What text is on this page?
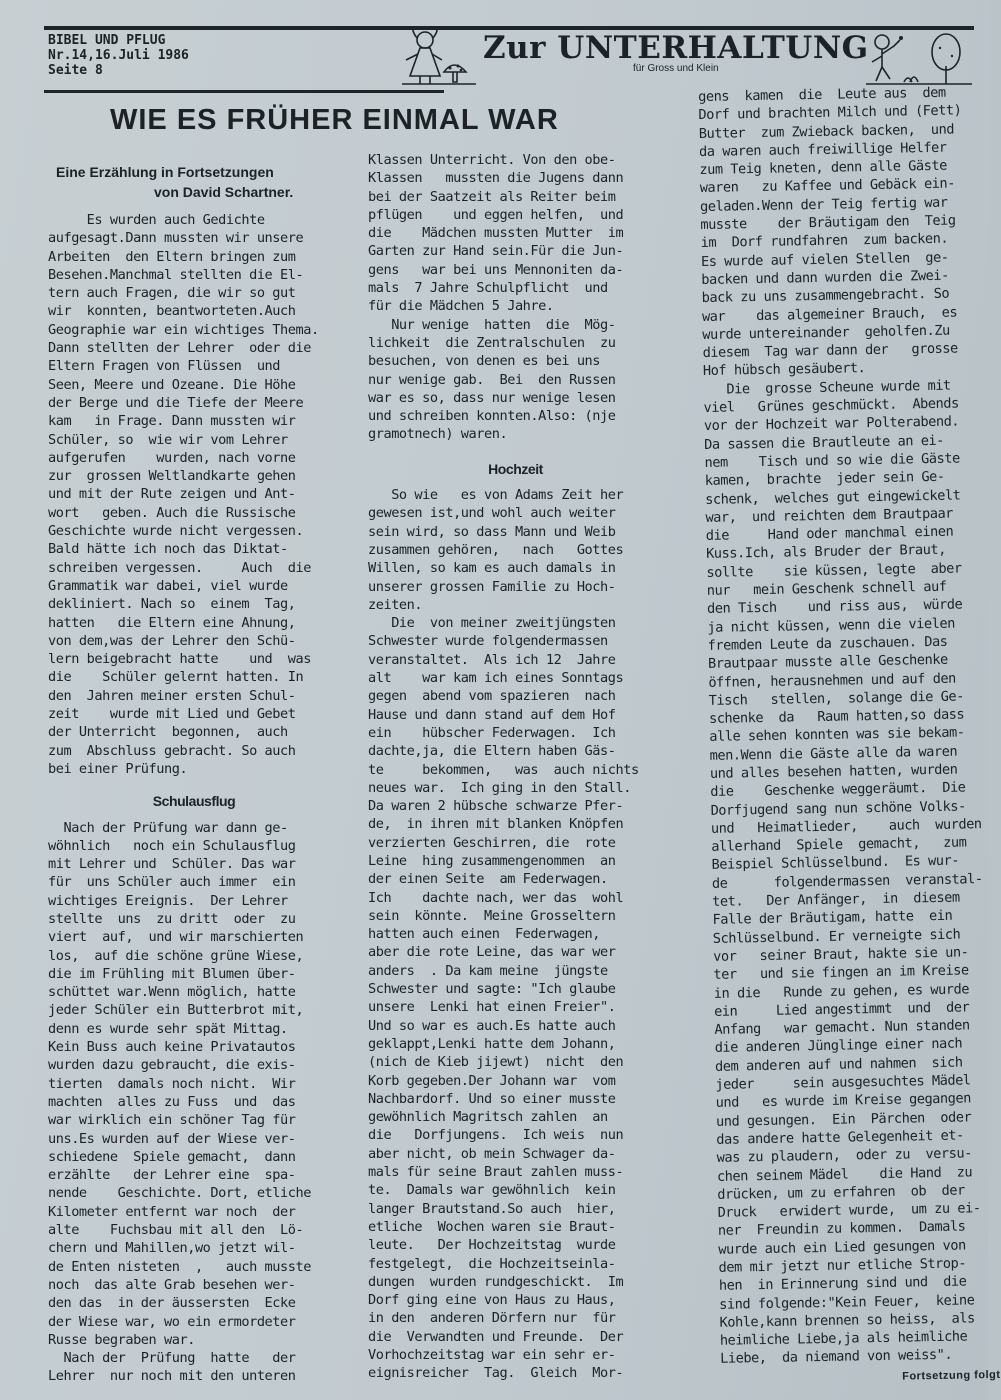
BIBEL UND PFLUG
Nr.14,16.Juli 1986
Seite 8
Zur UNTERHALTUNG
für Gross und Klein
WIE ES FRÜHER EINMAL WAR
Eine Erzählung in Fortsetzungen
von David Schartner.

Es wurden auch Gedichte
aufgesagt.Dann mussten wir unsere
Arbeiten  den Eltern bringen zum
Besehen.Manchmal stellten die El-
tern auch Fragen, die wir so gut
wir  konnten, beantworteten.Auch
Geographie war ein wichtiges Thema.
Dann stellten der Lehrer  oder die
Eltern Fragen von Flüssen  und
Seen, Meere und Ozeane. Die Höhe
der Berge und die Tiefe der Meere
kam   in Frage. Dann mussten wir
Schüler, so  wie wir vom Lehrer
aufgerufen    wurden, nach vorne
zur  grossen Weltlandkarte gehen
und mit der Rute zeigen und Ant-
wort   geben. Auch die Russische
Geschichte wurde nicht vergessen.
Bald hätte ich noch das Diktat-
schreiben vergessen.     Auch  die
Grammatik war dabei, viel wurde
dekliniert. Nach so  einem  Tag,
hatten   die Eltern eine Ahnung,
von dem,was der Lehrer den Schü-
lern beigebracht hatte    und  was
die    Schüler gelernt hatten. In
den  Jahren meiner ersten Schul-
zeit    wurde mit Lied und Gebet
der Unterricht  begonnen,  auch
zum  Abschluss gebracht. So auch
bei einer Prüfung.

Schulausflug

Nach der Prüfung war dann ge-
wöhnlich   noch ein Schulausflug
mit Lehrer und  Schüler. Das war
für  uns Schüler auch immer  ein
wichtiges Ereignis.  Der Lehrer
stellte  uns  zu dritt  oder  zu
viert  auf,  und wir marschierten
los,  auf die schöne grüne Wiese,
die im Frühling mit Blumen über-
schüttet war.Wenn möglich, hatte
jeder Schüler ein Butterbrot mit,
denn es wurde sehr spät Mittag.
Kein Buss auch keine Privatautos
wurden dazu gebraucht, die exis-
tierten  damals noch nicht.  Wir
machten  alles zu Fuss  und  das
war wirklich ein schöner Tag für
uns.Es wurden auf der Wiese ver-
schiedene  Spiele gemacht,  dann
erzählte   der Lehrer eine  spa-
nende    Geschichte. Dort, etliche
Kilometer entfernt war noch  der
alte    Fuchsbau mit all den  Lö-
chern und Mahillen,wo jetzt wil-
de Enten nisteten  ,   auch musste
noch  das alte Grab besehen wer-
den das  in der äussersten  Ecke
der Wiese war, wo ein ermordeter
Russe begraben war.
Nach der  Prüfung  hatte   der
Lehrer  nur noch mit den unteren

Klassen Unterricht. Von den obe-
Klassen   mussten die Jugens dann
bei der Saatzeit als Reiter beim
pflügen    und eggen helfen,  und
die    Mädchen mussten Mutter  im
Garten zur Hand sein.Für die Jun-
gens   war bei uns Mennoniten da-
mals  7 Jahre Schulpflicht  und
für die Mädchen 5 Jahre.
Nur wenige  hatten  die  Mög-
lichkeit  die Zentralschulen  zu
besuchen, von denen es bei uns
nur wenige gab.  Bei  den Russen
war es so, dass nur wenige lesen
und schreiben konnten.Also: (nje
gramotnech) waren.

Hochzeit

So wie   es von Adams Zeit her
gewesen ist,und wohl auch weiter
sein wird, so dass Mann und Weib
zusammen gehören,   nach   Gottes
Willen, so kam es auch damals in
unserer grossen Familie zu Hoch-
zeiten.
Die  von meiner zweitjüngsten
Schwester wurde folgendermassen
veranstaltet.  Als ich 12  Jahre
alt    war kam ich eines Sonntags
gegen  abend vom spazieren  nach
Hause und dann stand auf dem Hof
ein    hübscher Federwagen.  Ich
dachte,ja, die Eltern haben Gäs-
te     bekommen,   was  auch nichts
neues war.  Ich ging in den Stall.
Da waren 2 hübsche schwarze Pfer-
de,  in ihren mit blanken Knöpfen
verzierten Geschirren, die  rote
Leine  hing zusammengenommen  an
der einen Seite  am Federwagen.
Ich    dachte nach, wer das  wohl
sein  könnte.  Meine Grosseltern
hatten auch einen  Federwagen,
aber die rote Leine, das war wer
anders  . Da kam meine  jüngste
Schwester und sagte: "Ich glaube
unsere  Lenki hat einen Freier".
Und so war es auch.Es hatte auch
geklappt,Lenki hatte dem Johann,
(nich de Kieb jijewt)  nicht  den
Korb gegeben.Der Johann war  vom
Nachbardorf. Und so einer musste
gewöhnlich Magritsch zahlen  an
die   Dorfjungens.  Ich weis  nun
aber nicht, ob mein Schwager da-
mals für seine Braut zahlen muss-
te.  Damals war gewöhnlich  kein
langer Brautstand.So auch  hier,
etliche  Wochen waren sie Braut-
leute.   Der Hochzeitstag  wurde
festgelegt,  die Hochzeitseinla-
dungen  wurden rundgeschickt.  Im
Dorf ging eine von Haus zu Haus,
in den  anderen Dörfern nur  für
die  Verwandten und Freunde.  Der
Vorhochzeitstag war ein sehr er-
eignisreicher  Tag.  Gleich  Mor-

gens  kamen  die  Leute aus  dem
Dorf und brachten Milch und (Fett)
Butter  zum Zwieback backen,  und
da waren auch freiwillige Helfer
zum Teig kneten, denn alle Gäste
waren   zu Kaffee und Gebäck ein-
geladen.Wenn der Teig fertig war
musste    der Bräutigam den  Teig
im  Dorf rundfahren  zum backen.
Es wurde auf vielen Stellen  ge-
backen und dann wurden die Zwei-
back zu uns zusammengebracht. So
war    das algemeiner Brauch,  es
wurde untereinander  geholfen.Zu
diesem  Tag war dann der   grosse
Hof hübsch gesäubert.
Die  grosse Scheune wurde mit
viel   Grünes geschmückt.  Abends
vor der Hochzeit war Polterabend.
Da sassen die Brautleute an ei-
nem    Tisch und so wie die Gäste
kamen,  brachte  jeder sein Ge-
schenk,  welches gut eingewickelt
war,  und reichten dem Brautpaar
die     Hand oder manchmal einen
Kuss.Ich, als Bruder der Braut,
sollte    sie küssen, legte  aber
nur   mein Geschenk schnell auf
den Tisch    und riss aus,  würde
ja nicht küssen, wenn die vielen
fremden Leute da zuschauen. Das
Brautpaar musste alle Geschenke
öffnen, herausnehmen und auf den
Tisch   stellen,  solange die Ge-
schenke  da   Raum hatten,so dass
alle sehen konnten was sie bekam-
men.Wenn die Gäste alle da waren
und alles besehen hatten, wurden
die    Geschenke weggeräumt.  Die
Dorfjugend sang nun schöne Volks-
und   Heimatlieder,    auch  wurden
allerhand  Spiele  gemacht,   zum
Beispiel Schlüsselbund.  Es wur-
de      folgendermassen  veranstal-
tet.   Der Anfänger,  in  diesem
Falle der Bräutigam, hatte  ein
Schlüsselbund. Er verneigte sich
vor   seiner Braut, hakte sie un-
ter   und sie fingen an im Kreise
in die   Runde zu gehen, es wurde
ein     Lied angestimmt  und  der
Anfang   war gemacht. Nun standen
die anderen Jünglinge einer nach
dem anderen auf und nahmen  sich
jeder     sein ausgesuchtes Mädel
und   es wurde im Kreise gegangen
und gesungen.  Ein  Pärchen  oder
das andere hatte Gelegenheit et-
was zu plaudern,  oder zu  versu-
chen seinem Mädel    die Hand  zu
drücken, um zu erfahren  ob  der
Druck   erwidert wurde,  um zu ei-
ner  Freundin zu kommen.  Damals
wurde auch ein Lied gesungen von
dem mir jetzt nur etliche Strop-
hen  in Erinnerung sind und  die
sind folgende:"Kein Feuer,  keine
Kohle,kann brennen so heiss,  als
heimliche Liebe,ja als heimliche
Liebe,  da niemand von weiss".

Fortsetzung folgt
